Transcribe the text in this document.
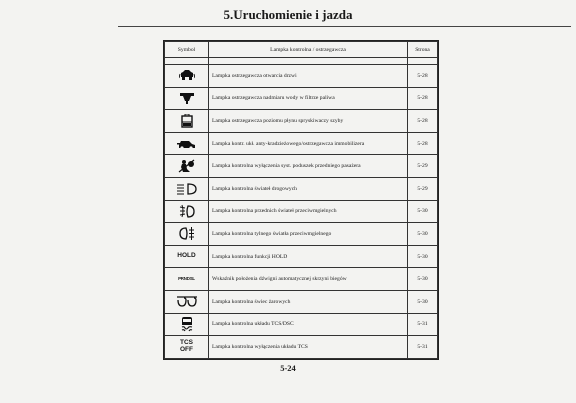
5.Uruchomienie i jazda
Symbol	Lampka kontrolna / ostrzegawcza	Strona

	Lampka ostrzegawcza otwarcia drzwi	5-28

	Lampka ostrzegawcza nadmiaru wody w filtrze paliwa	5-28

	Lampka ostrzegawcza poziomu płynu spryskiwaczy szyby	5-28

	Lampka kontr. ukł. anty-kradzieżowego/ostrzegawcza immobilizera	5-28

	Lampka kontrolna wyłączenia syst. poduszek przedniego pasażera	5-29

	Lampka kontrolna świateł drogowych	5-29

	Lampka kontrolna przednich świateł przeciwmgielnych	5-30

	Lampka kontrolna tylnego światła przeciwmgielnego	5-30
HOLD	Lampka kontrolna funkcji HOLD	5-30
PRNDSL	Wskaźnik położenia dźwigni automatycznej skrzyni biegów	5-30

	Lampka kontrolna świec żarowych	5-30

	Lampka kontrolna układu TCS/DSC	5-31
TCS OFF	Lampka kontrolna wyłączenia układu TCS	5-31
5-24
